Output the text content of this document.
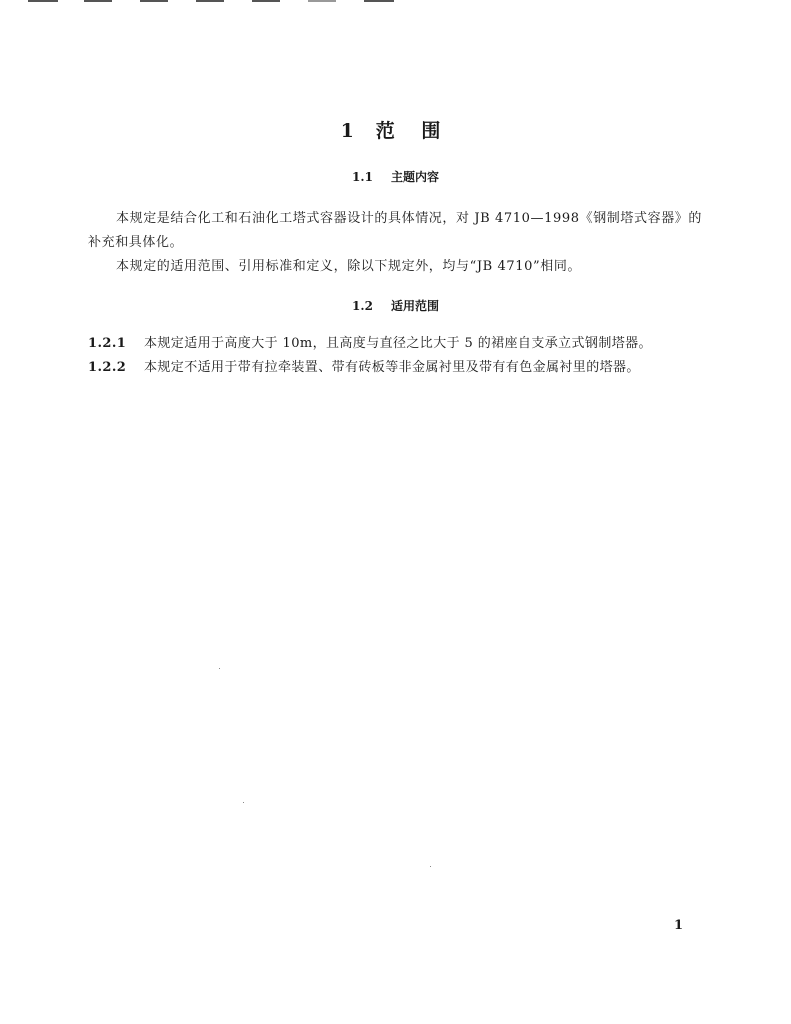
1 范 围
1.1 主题内容
本规定是结合化工和石油化工塔式容器设计的具体情况，对 JB 4710—1998《钢制塔式容器》的补充和具体化。
本规定的适用范围、引用标准和定义，除以下规定外，均与“JB 4710”相同。
1.2 适用范围
1.2.1 本规定适用于高度大于 10m，且高度与直径之比大于 5 的裙座自支承立式钢制塔器。
1.2.2 本规定不适用于带有拉牵装置、带有砖板等非金属衬里及带有有色金属衬里的塔器。
1
